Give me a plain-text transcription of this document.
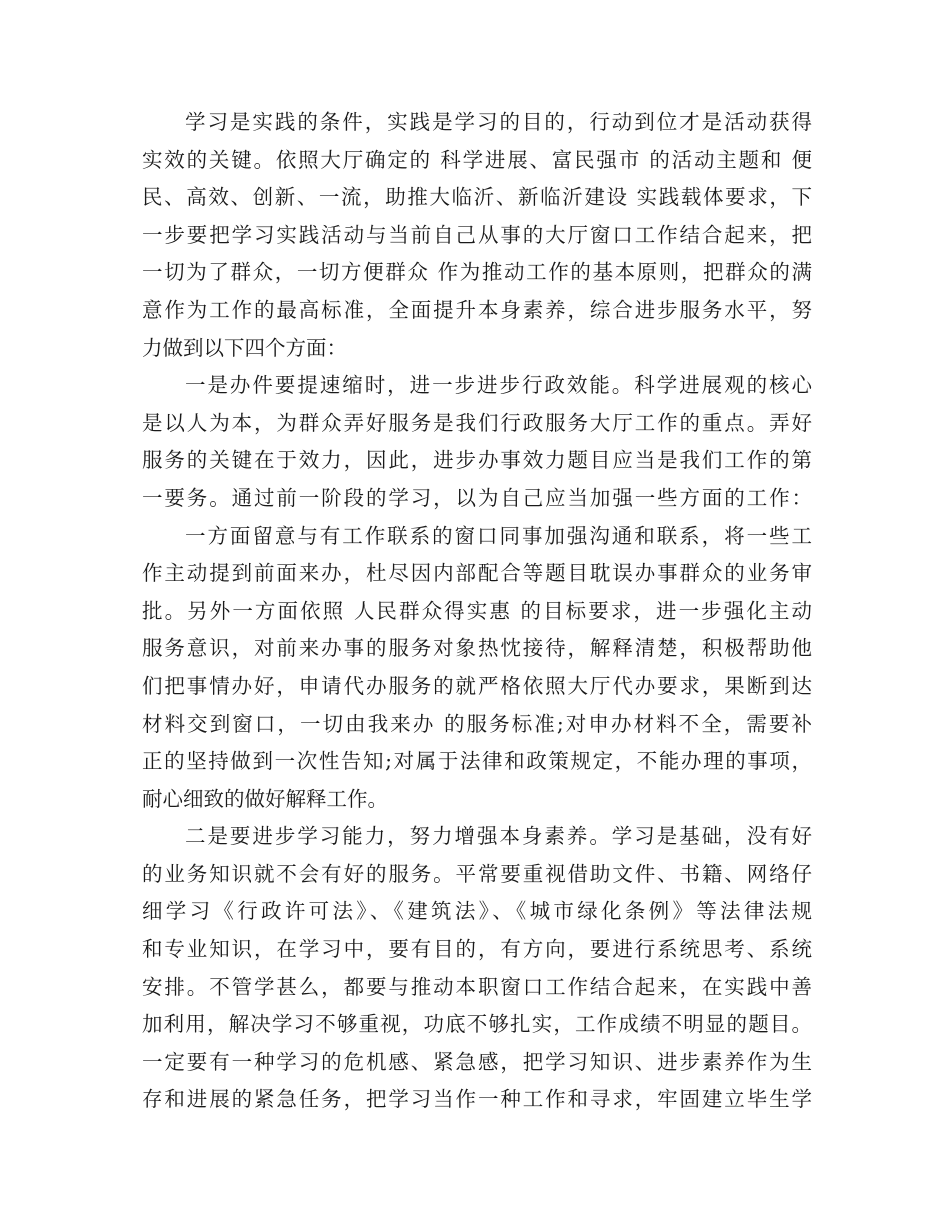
学习是实践的条件，实践是学习的目的，行动到位才是活动获得
实效的关键。依照大厅确定的 科学进展、富民强市 的活动主题和 便
民、高效、创新、一流，助推大临沂、新临沂建设 实践载体要求，下
一步要把学习实践活动与当前自己从事的大厅窗口工作结合起来，把
一切为了群众，一切方便群众 作为推动工作的基本原则，把群众的满
意作为工作的最高标准，全面提升本身素养，综合进步服务水平，努
力做到以下四个方面：
一是办件要提速缩时，进一步进步行政效能。科学进展观的核心
是以人为本，为群众弄好服务是我们行政服务大厅工作的重点。弄好
服务的关键在于效力，因此，进步办事效力题目应当是我们工作的第
一要务。通过前一阶段的学习，以为自己应当加强一些方面的工作：
一方面留意与有工作联系的窗口同事加强沟通和联系，将一些工
作主动提到前面来办，杜尽因内部配合等题目耽误办事群众的业务审
批。另外一方面依照 人民群众得实惠 的目标要求，进一步强化主动
服务意识，对前来办事的服务对象热忱接待，解释清楚，积极帮助他
们把事情办好，申请代办服务的就严格依照大厅代办要求，果断到达
材料交到窗口，一切由我来办 的服务标准;对申办材料不全，需要补
正的坚持做到一次性告知;对属于法律和政策规定，不能办理的事项，
耐心细致的做好解释工作。
二是要进步学习能力，努力增强本身素养。学习是基础，没有好
的业务知识就不会有好的服务。平常要重视借助文件、书籍、网络仔
细学习《行政许可法》、《建筑法》、《城市绿化条例》等法律法规
和专业知识，在学习中，要有目的，有方向，要进行系统思考、系统
安排。不管学甚么，都要与推动本职窗口工作结合起来，在实践中善
加利用，解决学习不够重视，功底不够扎实，工作成绩不明显的题目。
一定要有一种学习的危机感、紧急感，把学习知识、进步素养作为生
存和进展的紧急任务，把学习当作一种工作和寻求，牢固建立毕生学
